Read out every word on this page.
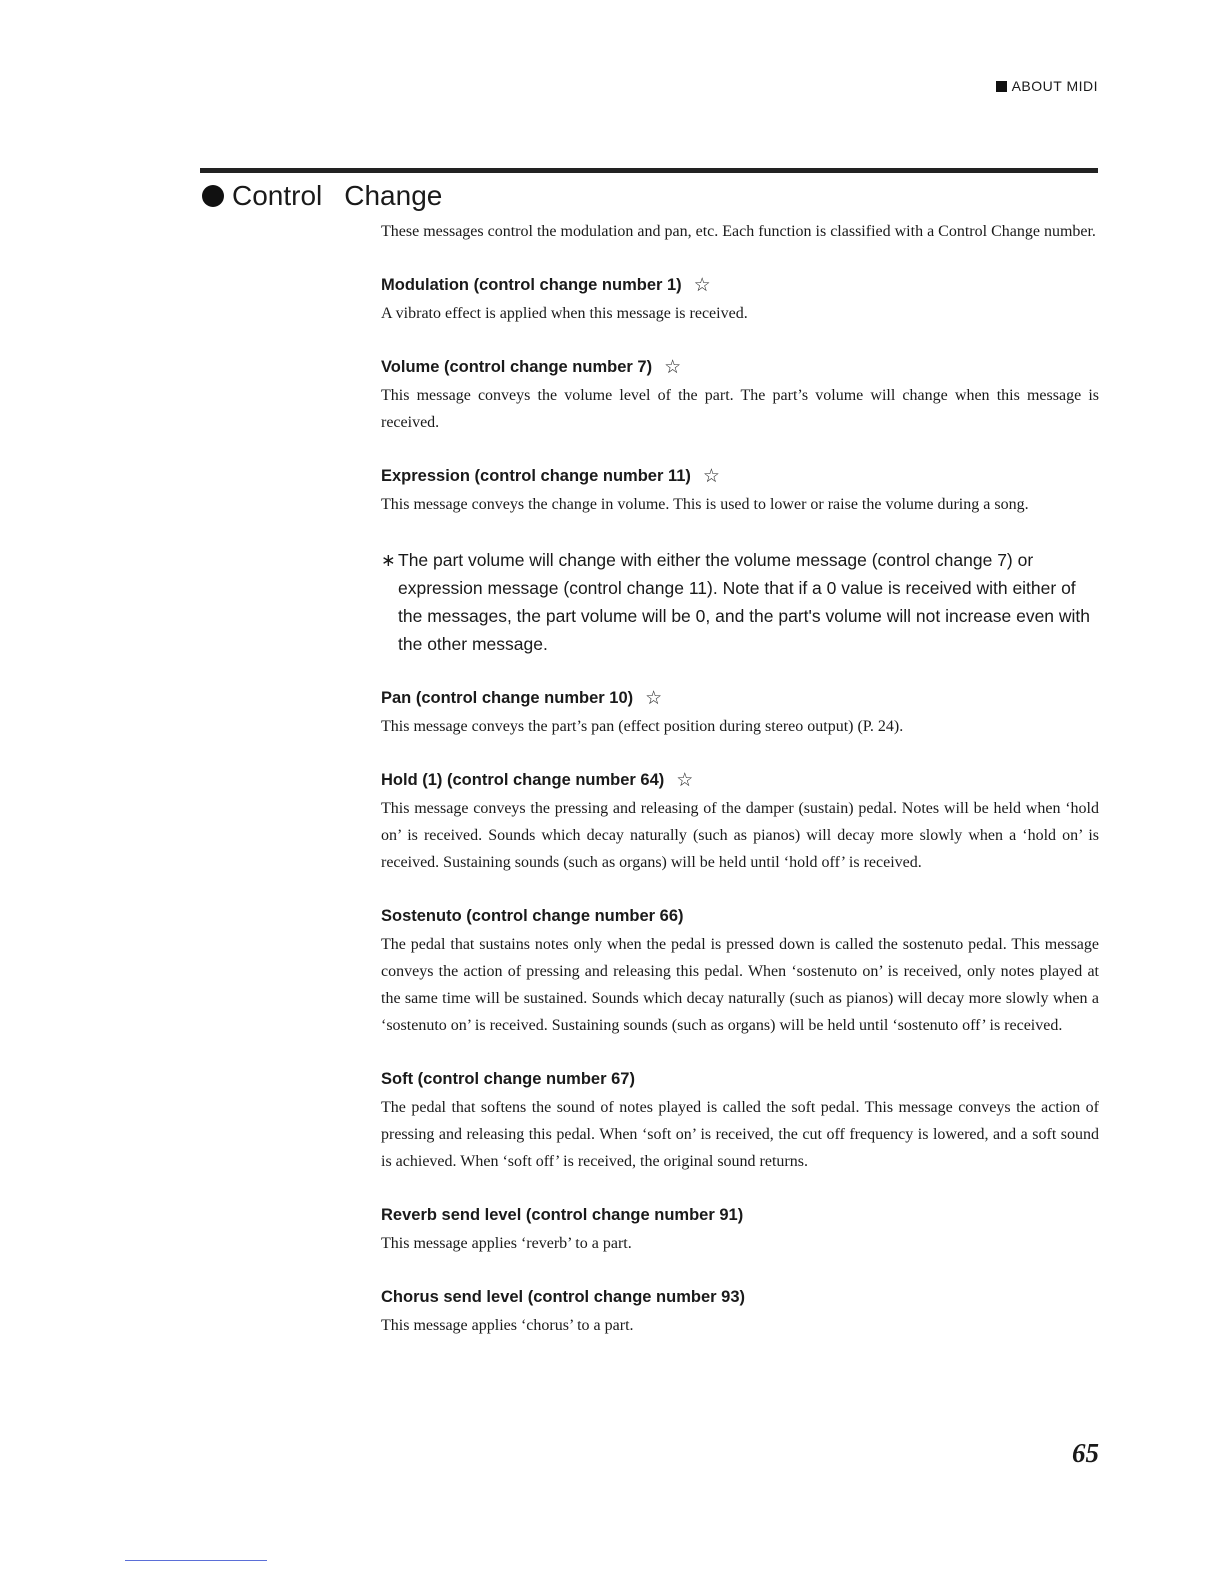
ABOUT MIDI
Control Change

These messages control the modulation and pan, etc. Each function is classified with a Control Change number.

Modulation (control change number 1) ☆

A vibrato effect is applied when this message is received.

Volume (control change number 7) ☆

This message conveys the volume level of the part. The part’s volume will change when this message is received.

Expression (control change number 11) ☆

This message conveys the change in volume. This is used to lower or raise the volume during a song.

∗ The part volume will change with either the volume message (control change 7) or expression message (control change 11). Note that if a 0 value is received with either of the messages, the part volume will be 0, and the part's volume will not increase even with the other message.
Pan (control change number 10) ☆

This message conveys the part’s pan (effect position during stereo output) (P. 24).

Hold (1) (control change number 64) ☆

This message conveys the pressing and releasing of the damper (sustain) pedal. Notes will be held when ‘hold on’ is received. Sounds which decay naturally (such as pianos) will decay more slowly when a ‘hold on’ is received. Sustaining sounds (such as organs) will be held until ‘hold off’ is received.

Sostenuto (control change number 66)

The pedal that sustains notes only when the pedal is pressed down is called the sostenuto pedal. This message conveys the action of pressing and releasing this pedal. When ‘sostenuto on’ is received, only notes played at the same time will be sustained. Sounds which decay naturally (such as pianos) will decay more slowly when a ‘sostenuto on’ is received. Sustaining sounds (such as organs) will be held until ‘sostenuto off’ is received.

Soft (control change number 67)

The pedal that softens the sound of notes played is called the soft pedal. This message conveys the action of pressing and releasing this pedal. When ‘soft on’ is received, the cut off frequency is lowered, and a soft sound is achieved. When ‘soft off’ is received, the original sound returns.

Reverb send level (control change number 91)

This message applies ‘reverb’ to a part.

Chorus send level (control change number 93)

This message applies ‘chorus’ to a part.

65
